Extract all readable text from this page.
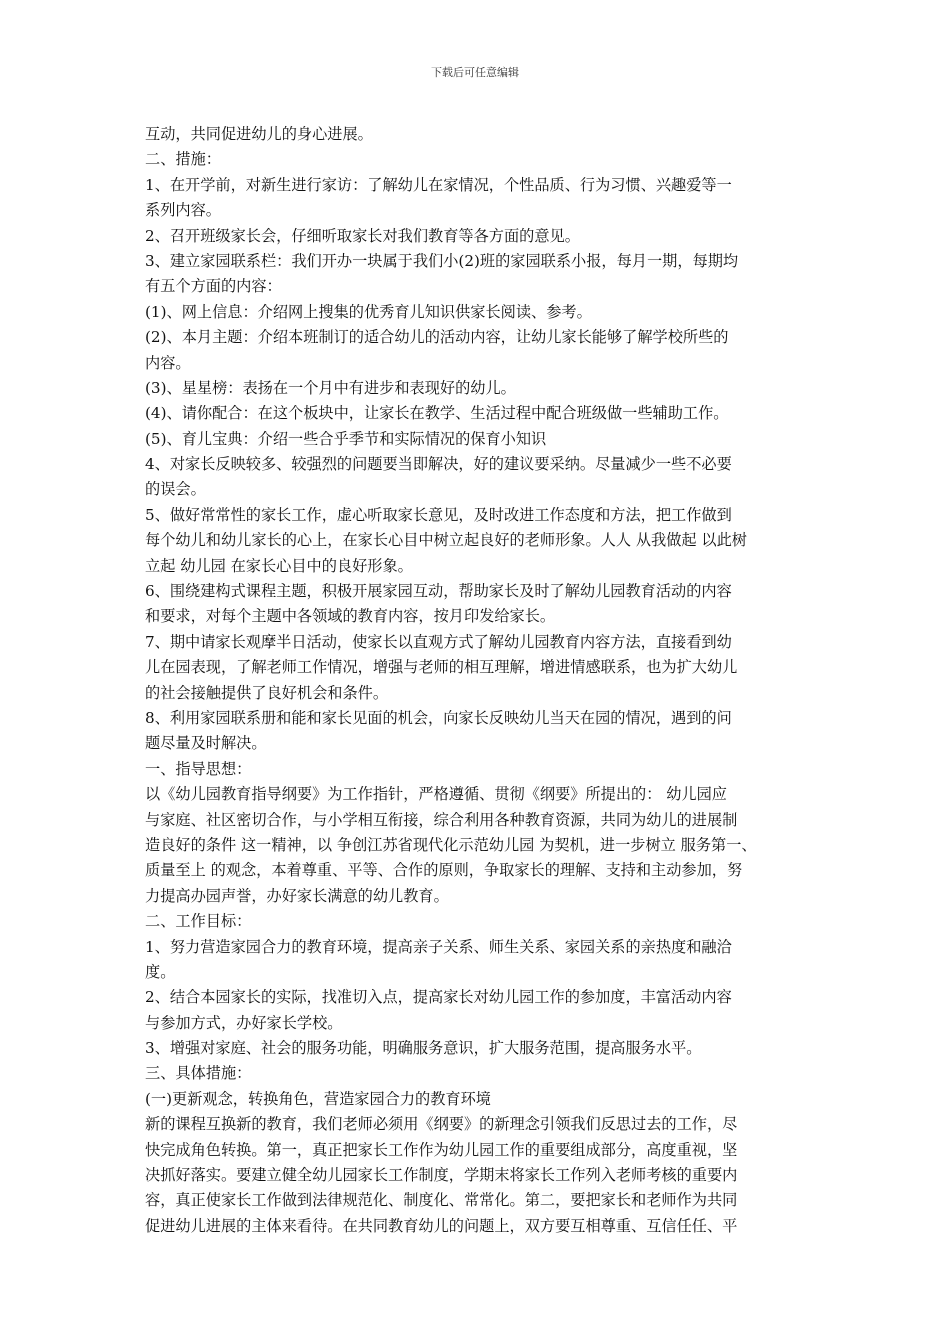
下载后可任意编辑
互动，共同促进幼儿的身心进展。
二、措施：
1、在开学前，对新生进行家访：了解幼儿在家情况，个性品质、行为习惯、兴趣爱等一
系列内容。
2、召开班级家长会，仔细听取家长对我们教育等各方面的意见。
3、建立家园联系栏：我们开办一块属于我们小(2)班的家园联系小报，每月一期，每期均
有五个方面的内容：
(1)、网上信息：介绍网上搜集的优秀育儿知识供家长阅读、参考。
(2)、本月主题：介绍本班制订的适合幼儿的活动内容，让幼儿家长能够了解学校所些的
内容。
(3)、星星榜：表扬在一个月中有进步和表现好的幼儿。
(4)、请你配合：在这个板块中，让家长在教学、生活过程中配合班级做一些辅助工作。
(5)、育儿宝典：介绍一些合乎季节和实际情况的保育小知识
4、对家长反映较多、较强烈的问题要当即解决，好的建议要采纳。尽量减少一些不必要
的误会。
5、做好常常性的家长工作，虚心听取家长意见，及时改进工作态度和方法，把工作做到
每个幼儿和幼儿家长的心上，在家长心目中树立起良好的老师形象。人人 从我做起 以此树
立起 幼儿园 在家长心目中的良好形象。
6、围绕建构式课程主题，积极开展家园互动，帮助家长及时了解幼儿园教育活动的内容
和要求，对每个主题中各领域的教育内容，按月印发给家长。
7、期中请家长观摩半日活动，使家长以直观方式了解幼儿园教育内容方法，直接看到幼
儿在园表现，了解老师工作情况，增强与老师的相互理解，增进情感联系，也为扩大幼儿
的社会接触提供了良好机会和条件。
8、利用家园联系册和能和家长见面的机会，向家长反映幼儿当天在园的情况，遇到的问
题尽量及时解决。
一、指导思想：
以《幼儿园教育指导纲要》为工作指针，严格遵循、贯彻《纲要》所提出的： 幼儿园应
与家庭、社区密切合作，与小学相互衔接，综合利用各种教育资源，共同为幼儿的进展制
造良好的条件 这一精神，以 争创江苏省现代化示范幼儿园 为契机，进一步树立 服务第一、
质量至上 的观念，本着尊重、平等、合作的原则，争取家长的理解、支持和主动参加，努
力提高办园声誉，办好家长满意的幼儿教育。
二、工作目标：
1、努力营造家园合力的教育环境，提高亲子关系、师生关系、家园关系的亲热度和融洽
度。
2、结合本园家长的实际，找准切入点，提高家长对幼儿园工作的参加度，丰富活动内容
与参加方式，办好家长学校。
3、增强对家庭、社会的服务功能，明确服务意识，扩大服务范围，提高服务水平。
三、具体措施：
(一)更新观念，转换角色，营造家园合力的教育环境
新的课程互换新的教育，我们老师必须用《纲要》的新理念引领我们反思过去的工作，尽
快完成角色转换。第一，真正把家长工作作为幼儿园工作的重要组成部分，高度重视，坚
决抓好落实。要建立健全幼儿园家长工作制度，学期末将家长工作列入老师考核的重要内
容，真正使家长工作做到法律规范化、制度化、常常化。第二，要把家长和老师作为共同
促进幼儿进展的主体来看待。在共同教育幼儿的问题上，双方要互相尊重、互信任任、平
